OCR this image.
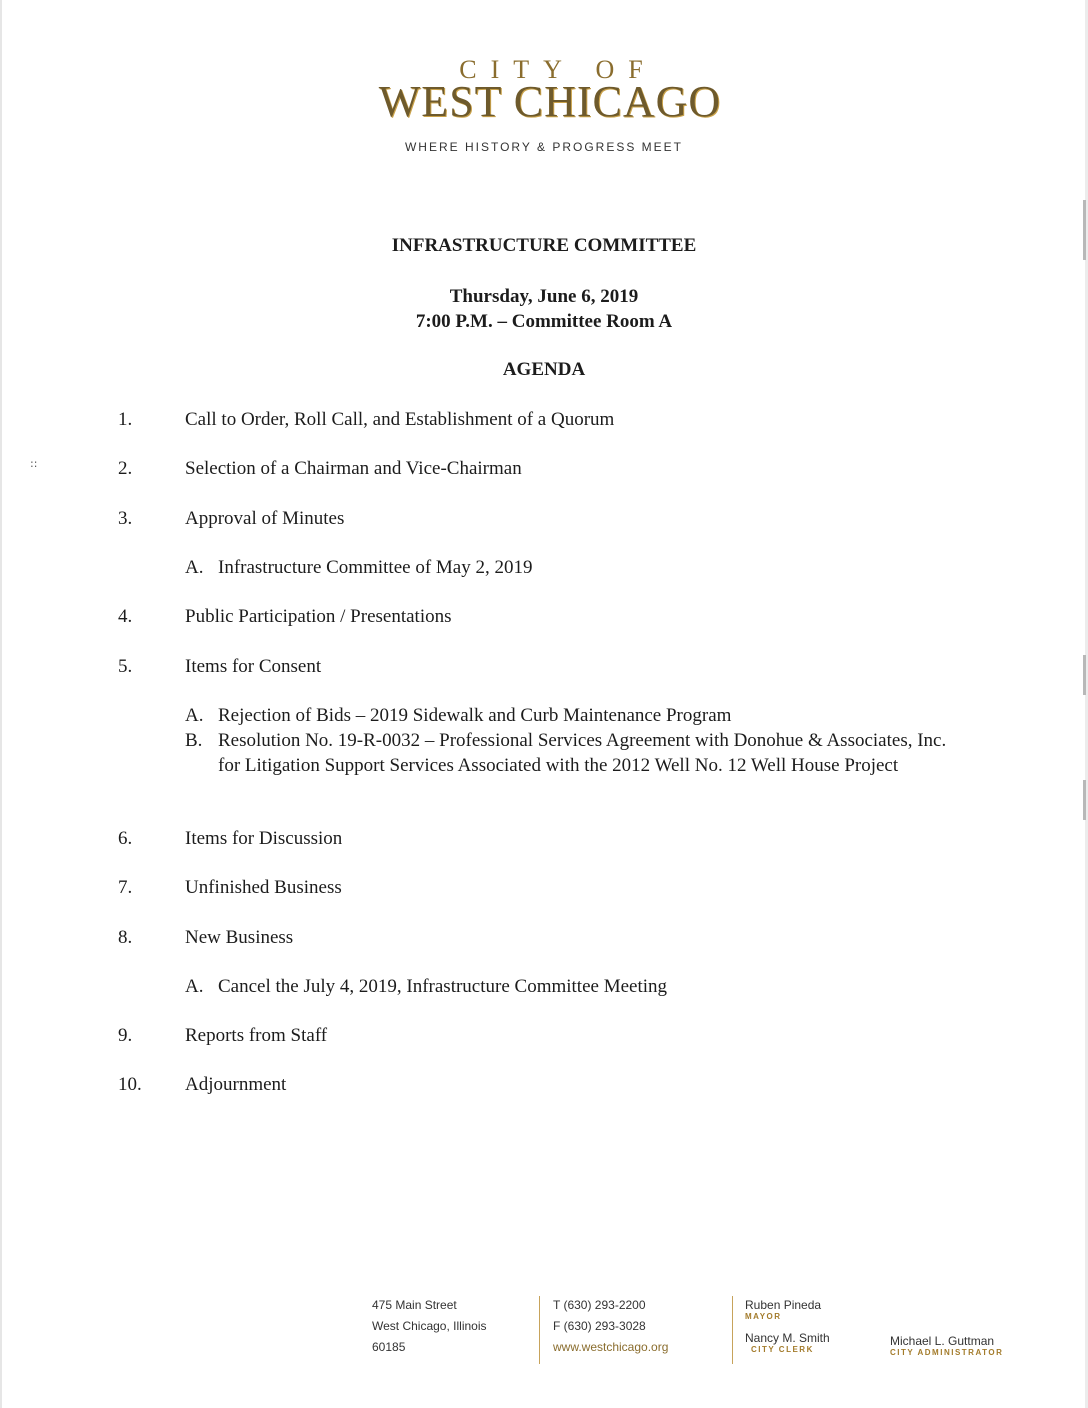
::
CITY OF
WEST CHICAGO
WHERE HISTORY & PROGRESS MEET
INFRASTRUCTURE COMMITTEE
Thursday, June 6, 2019
7:00 P.M. – Committee Room A
AGENDA
1.	Call to Order, Roll Call, and Establishment of a Quorum
2.	Selection of a Chairman and Vice-Chairman
3.	Approval of Minutes
A. Infrastructure Committee of May 2, 2019
4.	Public Participation / Presentations
5.	Items for Consent
A. Rejection of Bids – 2019 Sidewalk and Curb Maintenance Program
B. Resolution No. 19-R-0032 – Professional Services Agreement with Donohue & Associates, Inc. for Litigation Support Services Associated with the 2012 Well No. 12 Well House Project
6.	Items for Discussion
7.	Unfinished Business
8.	New Business
A. Cancel the July 4, 2019, Infrastructure Committee Meeting
9.	Reports from Staff
10.	Adjournment
475 Main Street
West Chicago, Illinois
60185
T (630) 293-2200
F (630) 293-3028
www.westchicago.org
Ruben Pineda
MAYOR
Nancy M. Smith
CITY CLERK
Michael L. Guttman
CITY ADMINISTRATOR
